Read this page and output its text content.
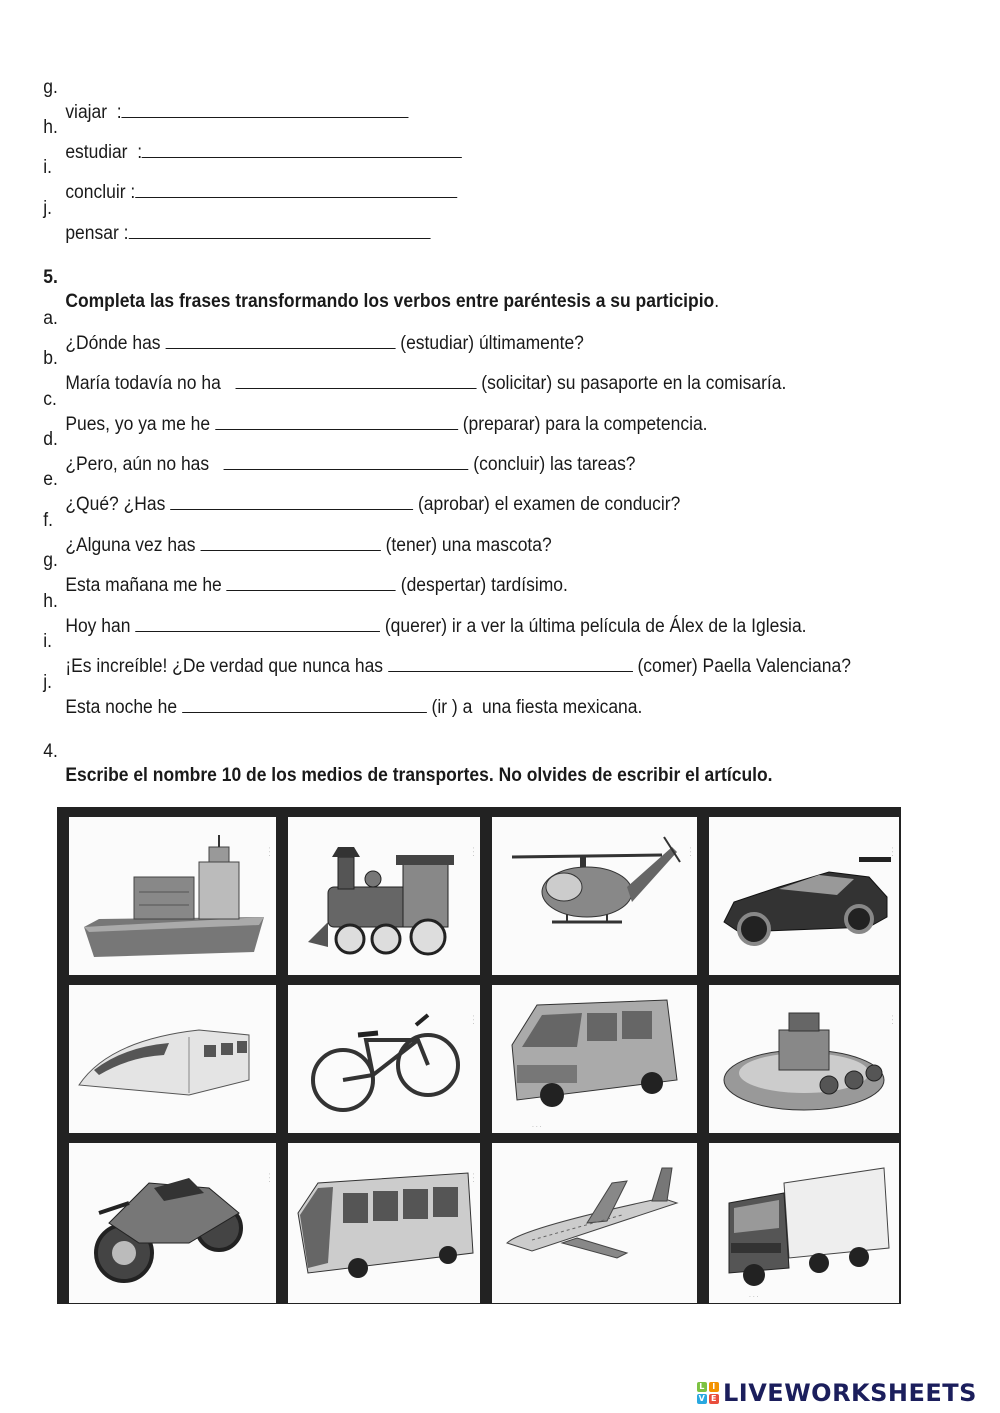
g.

viajar  :

h.

estudiar  :

i.

concluir :

j.

pensar :

5.

Completa las frases transformando los verbos entre paréntesis a su participio.

a.

¿Dónde has	(estudiar) últimamente?

b.

María todavía no ha	(solicitar) su pasaporte en la comisaría.

c.

Pues, yo ya me he	(preparar) para la competencia.

d.

¿Pero, aún no has	(concluir) las tareas?

e.

¿Qué? ¿Has	(aprobar) el examen de conducir?

f.

¿Alguna vez has	(tener) una mascota?

g.

Esta mañana me he	(despertar) tardísimo.

h.

Hoy han	(querer) ir a ver la última película de Álex de la Iglesia.

i.

¡Es increíble! ¿De verdad que nunca has	(comer) Paella Valenciana?

j.

Esta noche he	(ir ) a  una fiesta mexicana.

4.

Escribe el nombre 10 de los medios de transportes. No olvides de escribir el artículo.

· · ·	· · ·	· · ·	· · ·
· · ·
· · ·
· · ·
· · ·	· · ·
· · ·
L I
V E LIVEWORKSHEETS
